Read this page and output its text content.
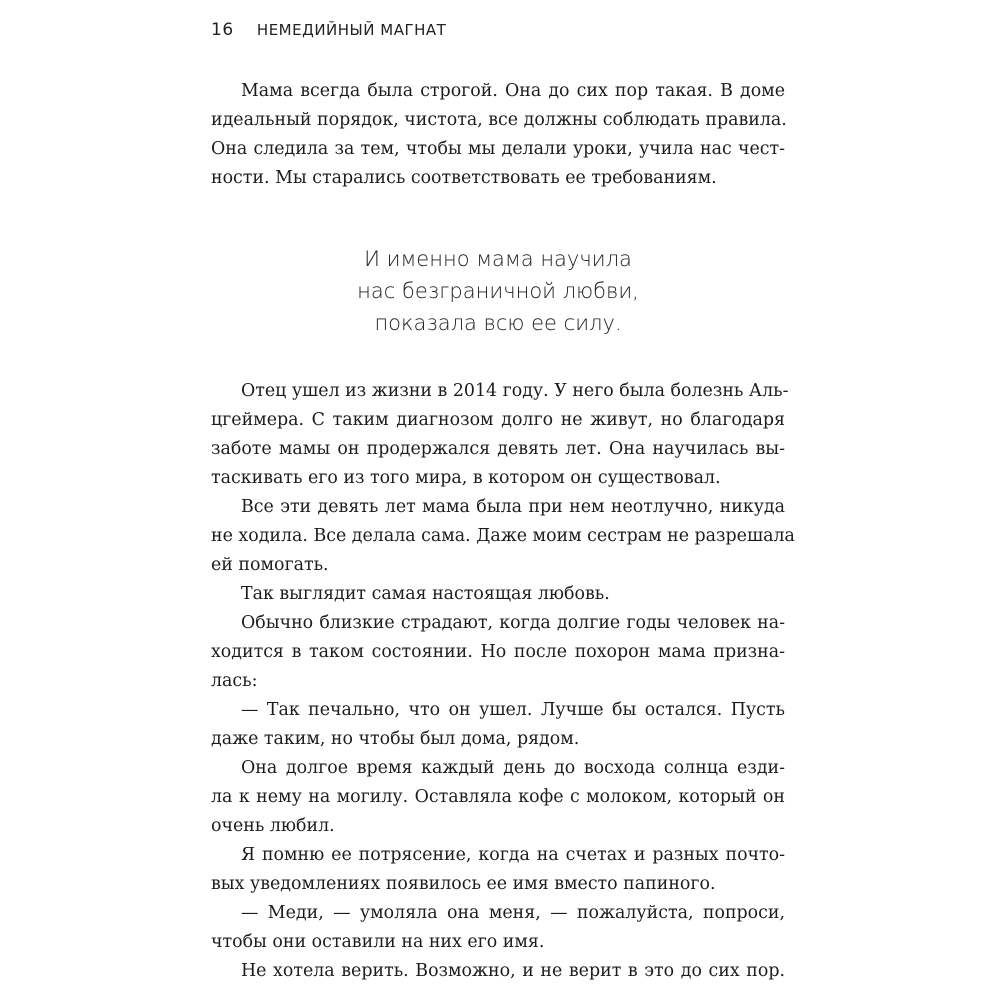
16 НЕМЕДИЙНЫЙ МАГНАТ
Мама всегда была строгой. Она до сих пор такая. В доме
идеальный порядок, чистота, все должны соблюдать правила.
Она следила за тем, чтобы мы делали уроки, учила нас чест-
ности. Мы старались соответствовать ее требованиям.
И именно мама научила
нас безграничной любви,
показала всю ее силу.
Отец ушел из жизни в 2014 году. У него была болезнь Аль-
цгеймера. С таким диагнозом долго не живут, но благодаря
заботе мамы он продержался девять лет. Она научилась вы-
таскивать его из того мира, в котором он существовал.
Все эти девять лет мама была при нем неотлучно, никуда
не ходила. Все делала сама. Даже моим сестрам не разрешала
ей помогать.
Так выглядит самая настоящая любовь.
Обычно близкие страдают, когда долгие годы человек на-
ходится в таком состоянии. Но после похорон мама призна-
лась:
— Так печально, что он ушел. Лучше бы остался. Пусть
даже таким, но чтобы был дома, рядом.
Она долгое время каждый день до восхода солнца езди-
ла к нему на могилу. Оставляла кофе с молоком, который он
очень любил.
Я помню ее потрясение, когда на счетах и разных почто-
вых уведомлениях появилось ее имя вместо папиного.
— Меди, — умоляла она меня, — пожалуйста, попроси,
чтобы они оставили на них его имя.
Не хотела верить. Возможно, и не верит в это до сих пор.
